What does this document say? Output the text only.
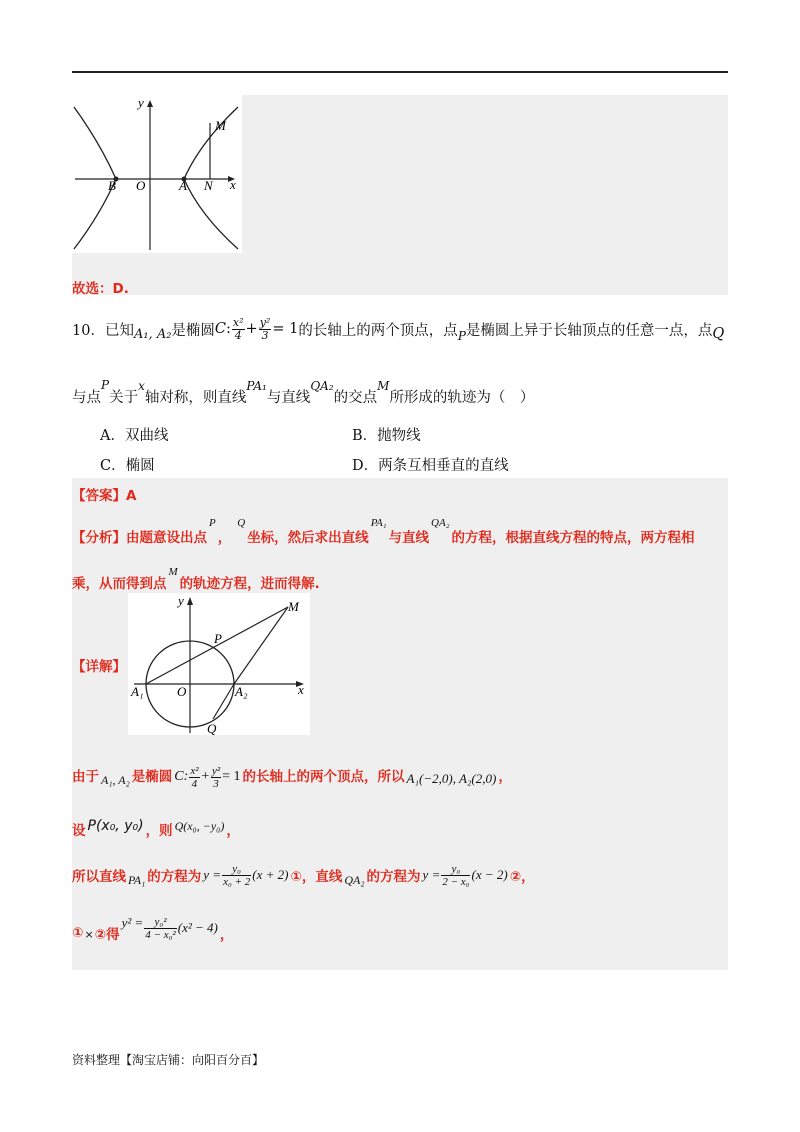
y
x
O
B	A N
M
故选：D.
10．已知 A₁, A₂ 是椭圆 C : $\frac{\text{x²}}{4} + \frac{\text{y²}}{3} = 1$ 的长轴上的两个顶点，点 P 是椭圆上异于长轴顶点的任意一点，点 Q
与点
P
关于
x
轴对称，则直线
PA₁
与直线
QA₂
的交点
M
所形成的轨迹为（　）
A．双曲线	B．抛物线
C．椭圆	D．两条互相垂直的直线
【答案】A
【分析】由题意设出点
P
，
Q
坐标，然后求出直线
PA₁
与直线
QA₂
的方程，根据直线方程的特点，两方程相
乘，从而得到点
M
的轨迹方程，进而得解.
【详解】
y
x
O
A₁	A₂
P
Q
M
由于 A₁, A₂ 是椭圆 C : $\frac{\text{x²}}{4} + \frac{\text{y²}}{3} = 1$ 的长轴上的两个顶点，所以 A₁(−2,0), A₂(2,0) ，
设 P(x₀, y₀) ，则 Q(x₀, −y₀) ，
所以直线 PA₁ 的方程为 $y = \frac{\text{y₀}}{\text{x₀ + 2}} (x + 2)$ ①，直线 QA₂ 的方程为 $y = \frac{\text{y₀}}{\text{2 − x₀}} (x - 2)$ ②，
① × ②得
$y^2 = \frac{\text{y₀²}}{\text{4 − x₀²}} (x^2 - 4)$ ，
资料整理【淘宝店铺：向阳百分百】
